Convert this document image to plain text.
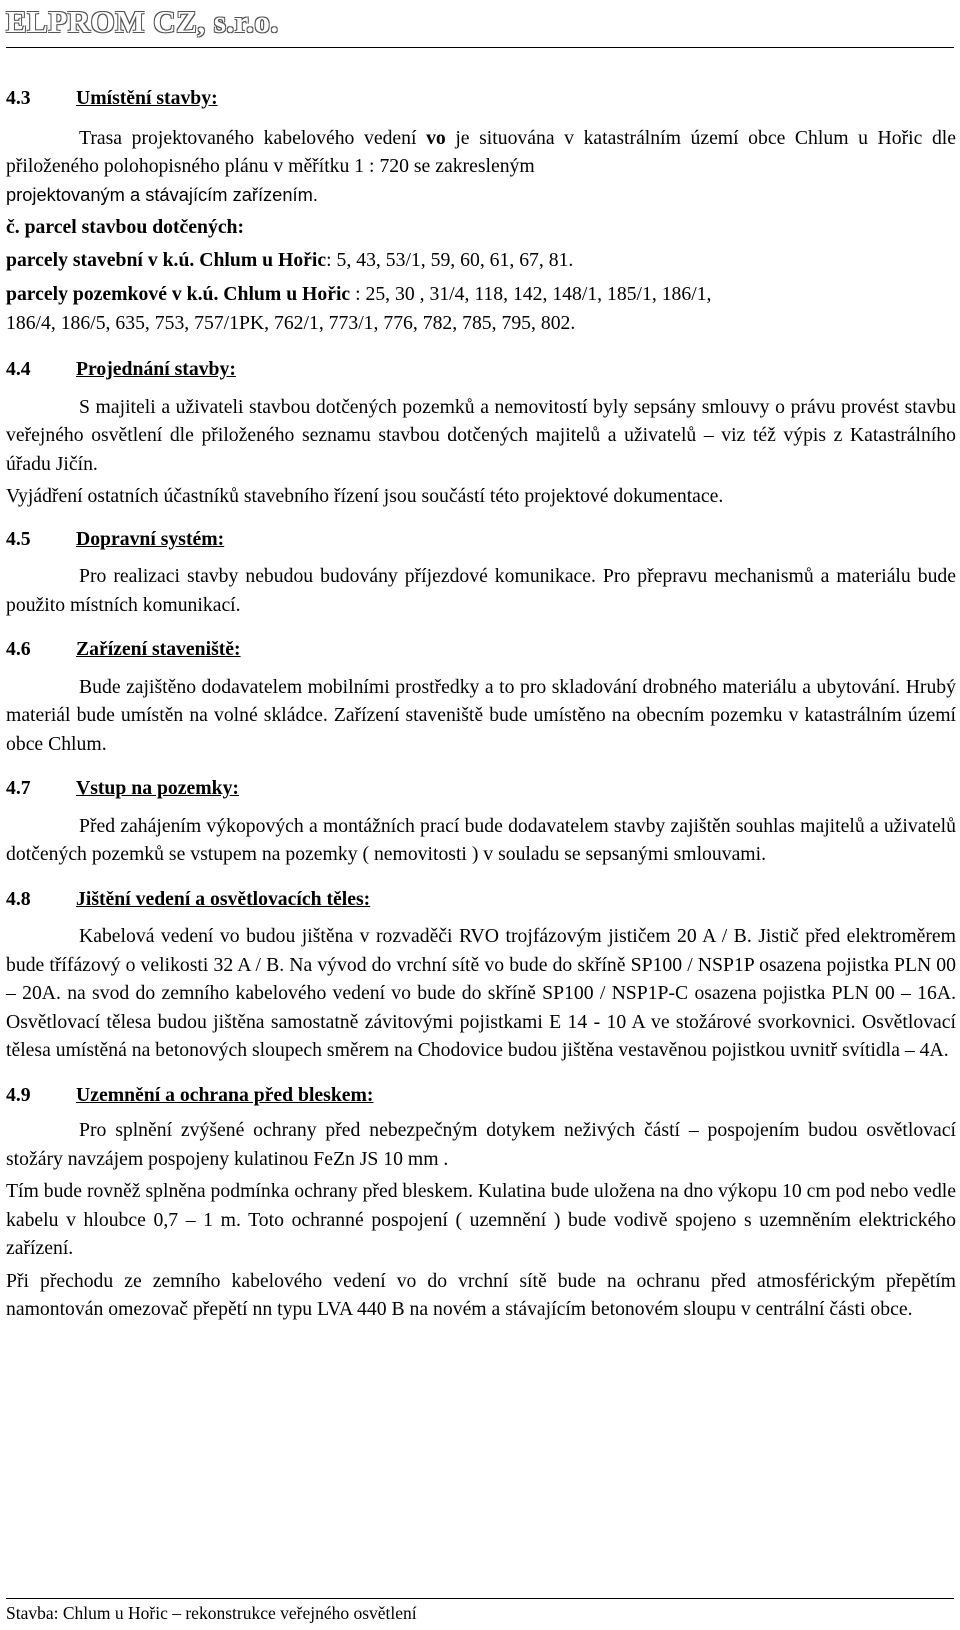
ELPROM CZ, s.r.o.
4.3 Umístění stavby:

Trasa projektovaného kabelového vedení vo je situována v katastrálním území obce Chlum u Hořic dle přiloženého polohopisného plánu v měřítku 1 : 720 se zakresleným

projektovaným a stávajícím zařízením.

č. parcel stavbou dotčených:

parcely stavební v k.ú. Chlum u Hořic: 5, 43, 53/1, 59, 60, 61, 67, 81.

parcely pozemkové v k.ú. Chlum u Hořic : 25, 30 , 31/4, 118, 142, 148/1, 185/1, 186/1,
186/4, 186/5, 635, 753, 757/1PK, 762/1, 773/1, 776, 782, 785, 795, 802.

4.4 Projednání stavby:

S majiteli a uživateli stavbou dotčených pozemků a nemovitostí byly sepsány smlouvy o právu provést stavbu veřejného osvětlení dle přiloženého seznamu stavbou dotčených majitelů a uživatelů – viz též výpis z Katastrálního úřadu Jičín.

Vyjádření ostatních účastníků stavebního řízení jsou součástí této projektové dokumentace.

4.5 Dopravní systém:

Pro realizaci stavby nebudou budovány příjezdové komunikace. Pro přepravu mechanismů a materiálu bude použito místních komunikací.

4.6 Zařízení staveniště:

Bude zajištěno dodavatelem mobilními prostředky a to pro skladování drobného materiálu a ubytování. Hrubý materiál bude umístěn na volné skládce. Zařízení staveniště bude umístěno na obecním pozemku v katastrálním území obce Chlum.

4.7 Vstup na pozemky:

Před zahájením výkopových a montážních prací bude dodavatelem stavby zajištěn souhlas majitelů a uživatelů dotčených pozemků se vstupem na pozemky ( nemovitosti ) v souladu se sepsanými smlouvami.

4.8 Jištění vedení a osvětlovacích těles:

Kabelová vedení vo budou jištěna v rozvaděči RVO trojfázovým jističem 20 A / B. Jistič před elektroměrem bude třífázový o velikosti 32 A / B. Na vývod do vrchní sítě vo bude do skříně SP100 / NSP1P osazena pojistka PLN 00 – 20A. na svod do zemního kabelového vedení vo bude do skříně SP100 / NSP1P-C osazena pojistka PLN 00 – 16A. Osvětlovací tělesa budou jištěna samostatně závitovými pojistkami E 14 - 10 A ve stožárové svorkovnici. Osvětlovací tělesa umístěná na betonových sloupech směrem na Chodovice budou jištěna vestavěnou pojistkou uvnitř svítidla – 4A.

4.9 Uzemnění a ochrana před bleskem:

Pro splnění zvýšené ochrany před nebezpečným dotykem neživých částí – pospojením budou osvětlovací stožáry navzájem pospojeny kulatinou FeZn JS 10 mm .

Tím bude rovněž splněna podmínka ochrany před bleskem. Kulatina bude uložena na dno výkopu 10 cm pod nebo vedle kabelu v hloubce 0,7 – 1 m. Toto ochranné pospojení ( uzemnění ) bude vodivě spojeno s uzemněním elektrického zařízení.

Při přechodu ze zemního kabelového vedení vo do vrchní sítě bude na ochranu před atmosférickým přepětím namontován omezovač přepětí nn typu LVA 440 B na novém a stávajícím betonovém sloupu v centrální části obce.

Stavba: Chlum u Hořic – rekonstrukce veřejného osvětlení
